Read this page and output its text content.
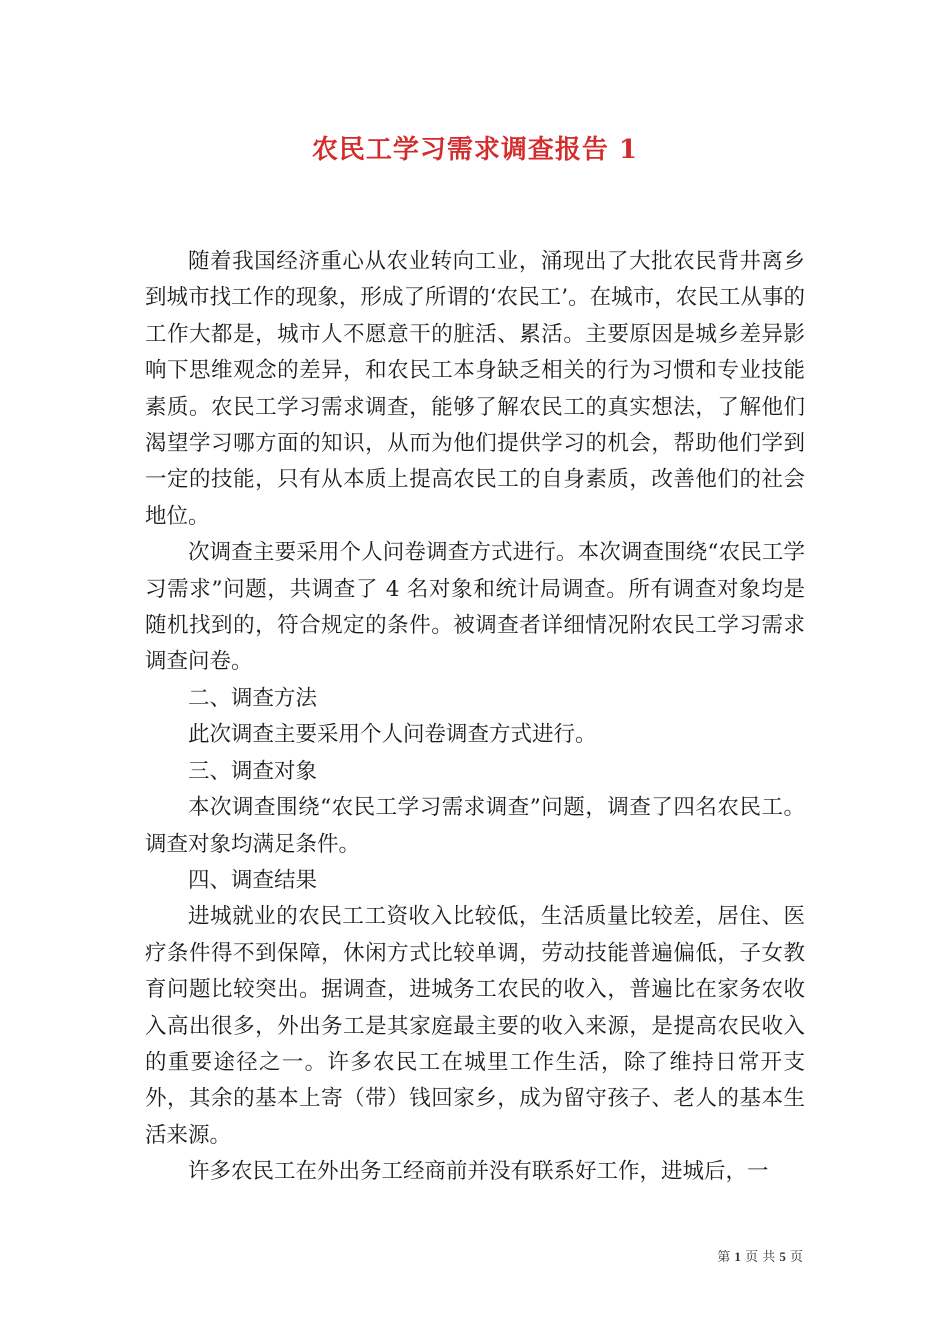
农民工学习需求调查报告 1

随着我国经济重心从农业转向工业，涌现出了大批农民背井离乡到城市找工作的现象，形成了所谓的‘农民工’。在城市，农民工从事的工作大都是，城市人不愿意干的脏活、累活。主要原因是城乡差异影响下思维观念的差异，和农民工本身缺乏相关的行为习惯和专业技能素质。农民工学习需求调查，能够了解农民工的真实想法，了解他们渴望学习哪方面的知识，从而为他们提供学习的机会，帮助他们学到一定的技能，只有从本质上提高农民工的自身素质，改善他们的社会地位。

次调查主要采用个人问卷调查方式进行。本次调查围绕“农民工学习需求”问题，共调查了 4 名对象和统计局调查。所有调查对象均是随机找到的，符合规定的条件。被调查者详细情况附农民工学习需求调查问卷。

二、调查方法

此次调查主要采用个人问卷调查方式进行。

三、调查对象

本次调查围绕“农民工学习需求调查”问题，调查了四名农民工。调查对象均满足条件。

四、调查结果

进城就业的农民工工资收入比较低，生活质量比较差，居住、医疗条件得不到保障，休闲方式比较单调，劳动技能普遍偏低，子女教育问题比较突出。据调查，进城务工农民的收入，普遍比在家务农收入高出很多，外出务工是其家庭最主要的收入来源，是提高农民收入的重要途径之一。许多农民工在城里工作生活，除了维持日常开支外，其余的基本上寄（带）钱回家乡，成为留守孩子、老人的基本生活来源。

许多农民工在外出务工经商前并没有联系好工作，进城后，一

第 1 页 共 5 页
